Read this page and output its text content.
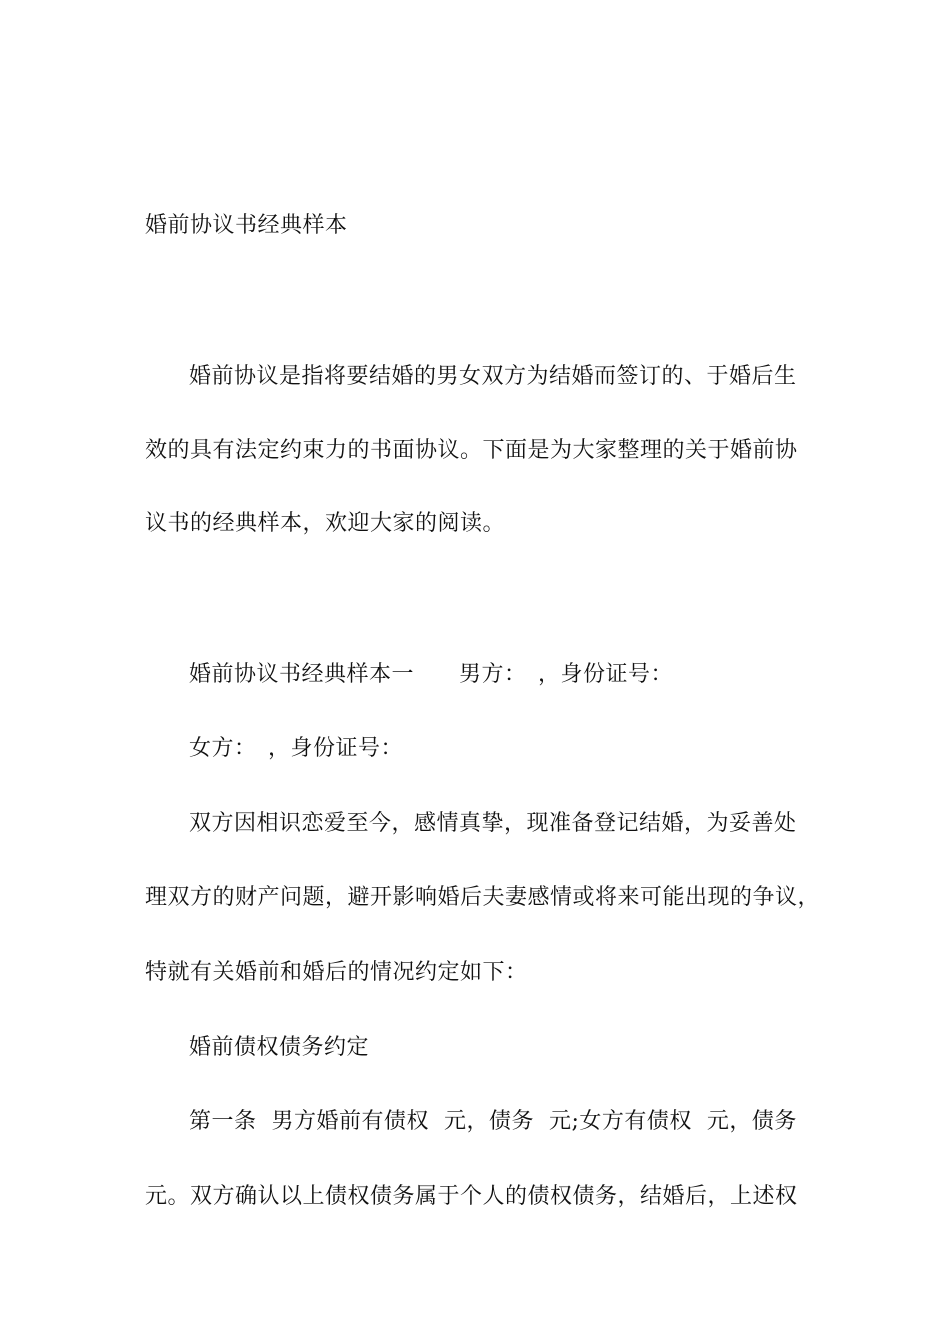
婚前协议书经典样本
婚前协议是指将要结婚的男女双方为结婚而签订的、于婚后生
效的具有法定约束力的书面协议。下面是为大家整理的关于婚前协
议书的经典样本，欢迎大家的阅读。
婚前协议书经典样本一　　男方：　，身份证号：
女方：　，身份证号：
双方因相识恋爱至今，感情真挚，现准备登记结婚，为妥善处
理双方的财产问题，避开影响婚后夫妻感情或将来可能出现的争议，
特就有关婚前和婚后的情况约定如下：
婚前债权债务约定
第一条  男方婚前有债权  元，债务  元;女方有债权  元，债务
元。双方确认以上债权债务属于个人的债权债务，结婚后，上述权
